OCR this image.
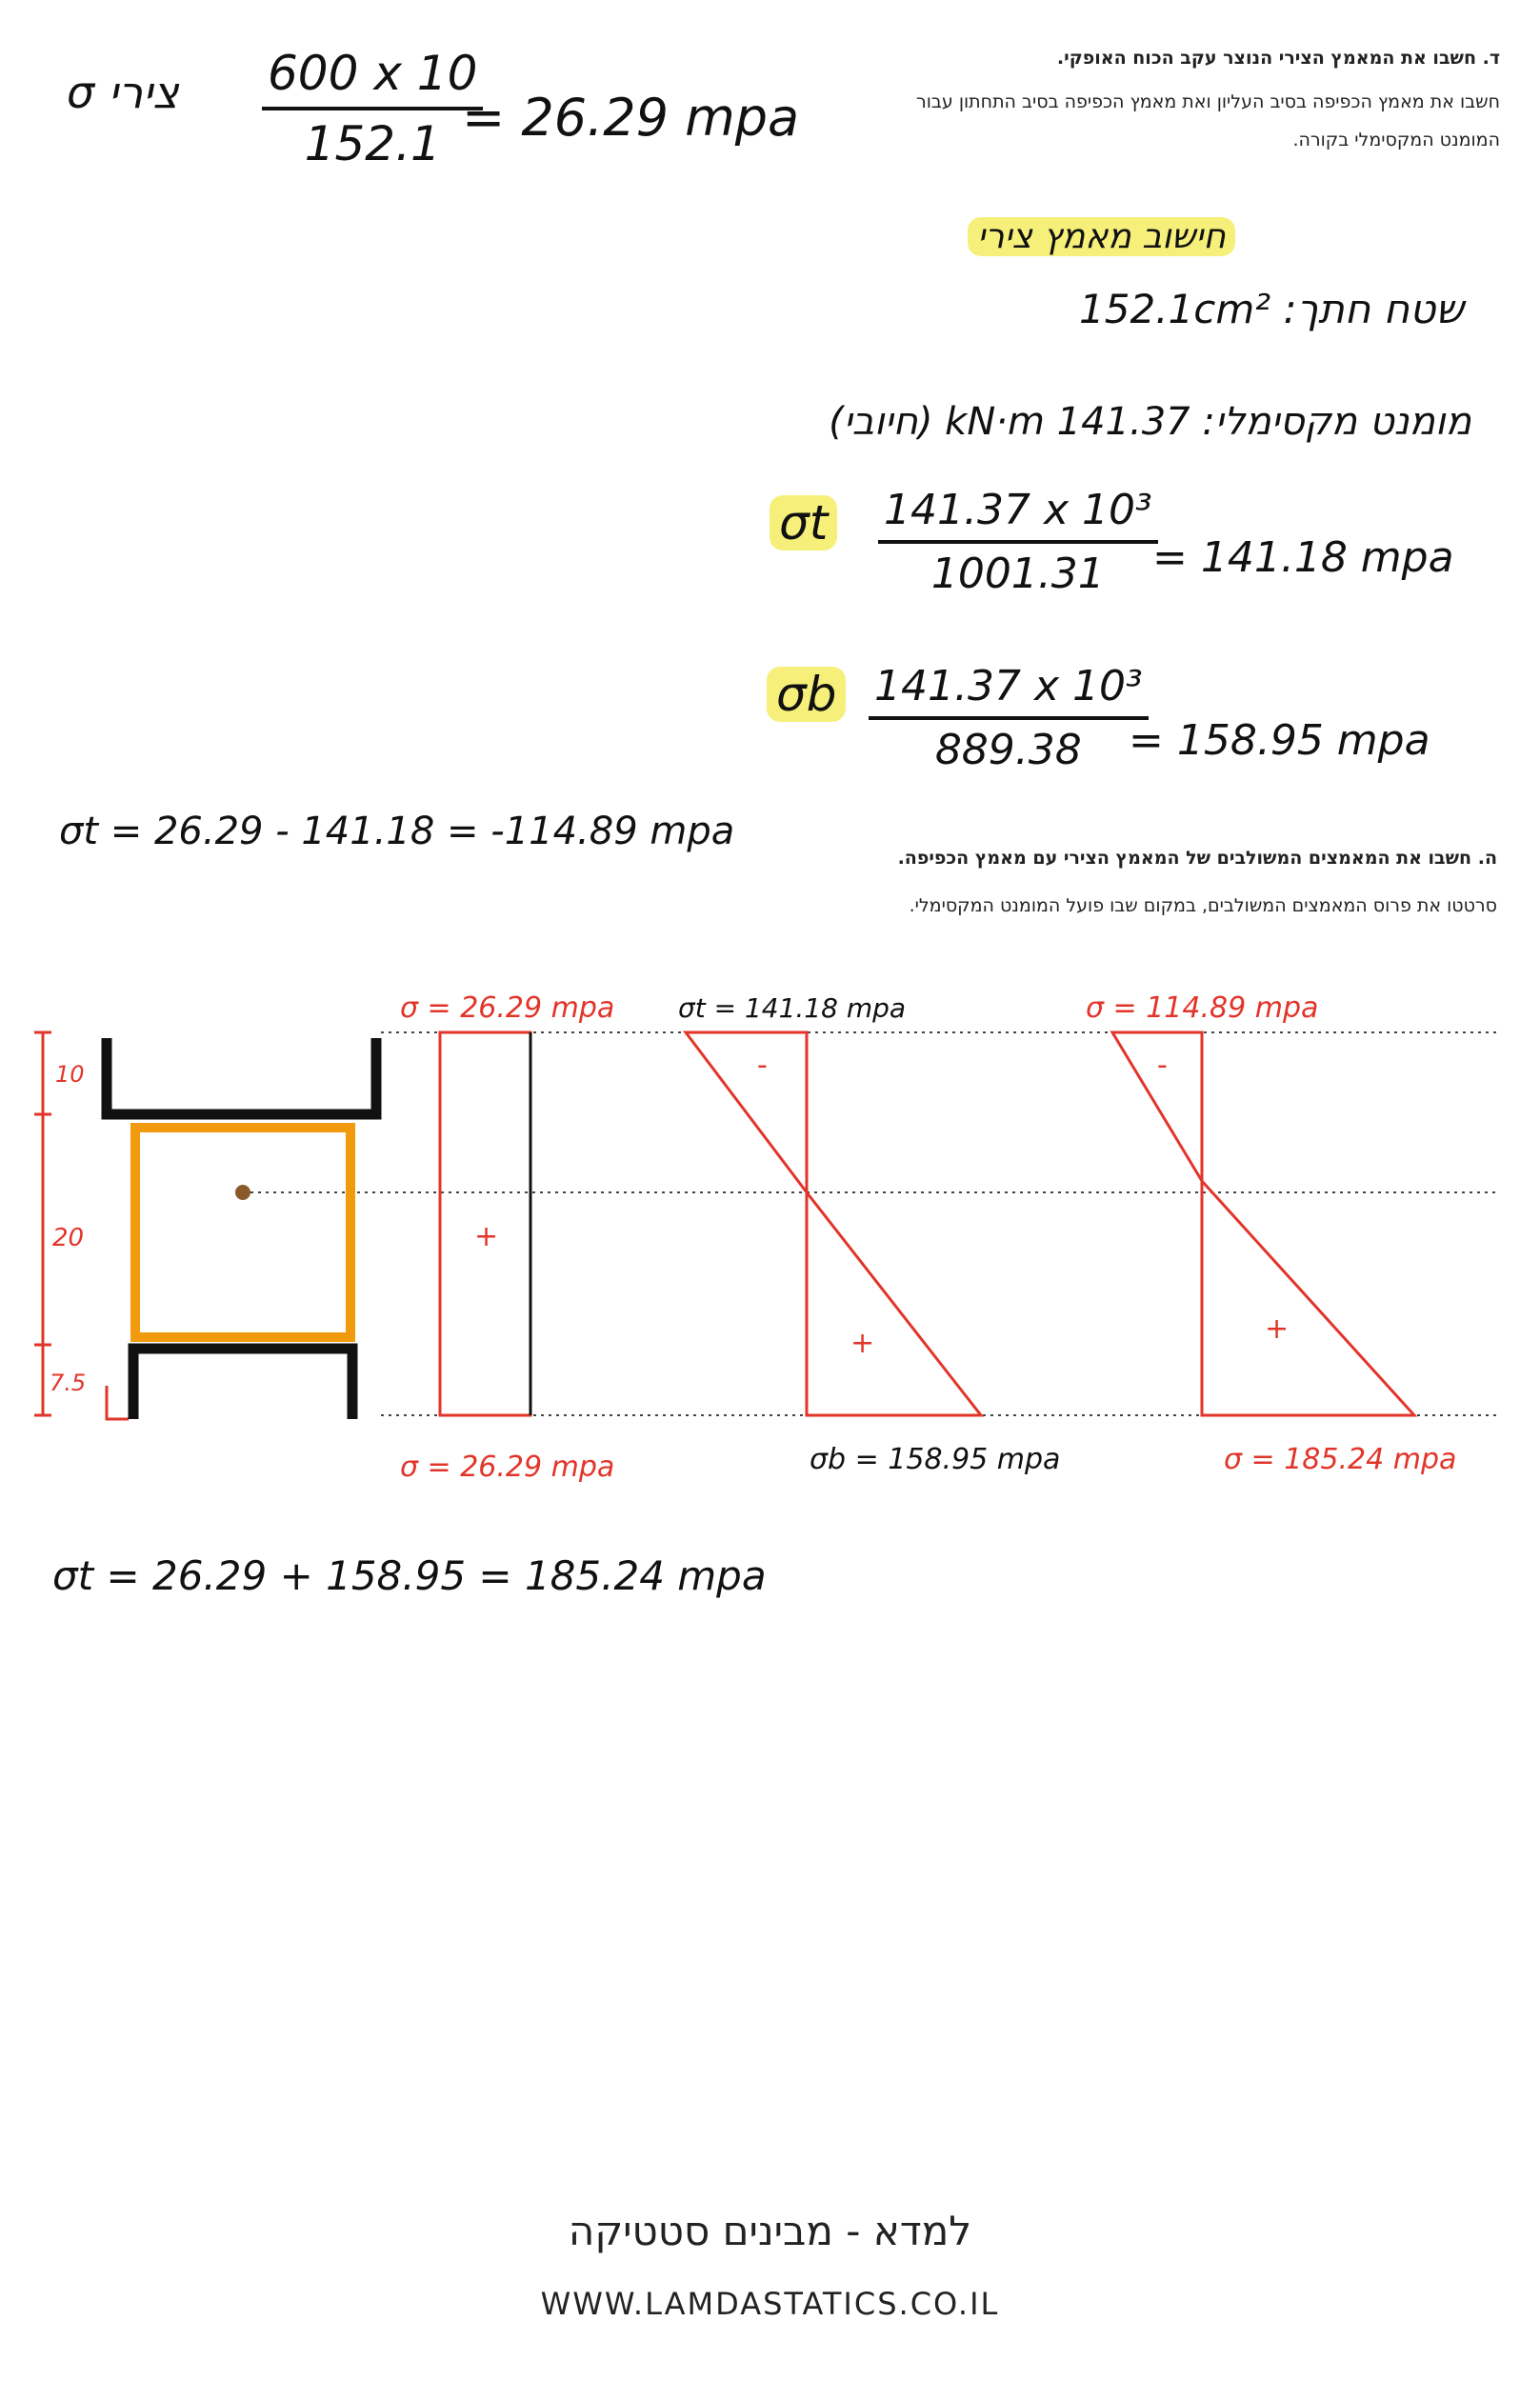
σ צירי $\frac{600 x 10}{152.1}$
= 26.29 mpa
ד. חשבו את המאמץ הצירי הנוצר עקב הכוח האופקי.
חשבו את מאמץ הכפיפה בסיב העליון ואת מאמץ הכפיפה בסיב התחתון עבור
המומנט המקסימלי בקורה.
חישוב מאמץ צירי
שטח חתך: 152.1cm²
מומנט מקסימלי: 141.37 kN·m (חיובי)
σt $\frac{\text{141.37 x 10³}}{1001.31}$
= 141.18 mpa
σb $\frac{\text{141.37 x 10³}}{889.38}$
= 158.95 mpa
σt = 26.29 - 141.18 = -114.89 mpa
ה. חשבו את המאמצים המשולבים של המאמץ הצירי עם מאמץ הכפיפה.
סרטטו את פרוס המאמצים המשולבים, במקום שבו פועל המומנט המקסימלי.
10
20
7.5
σ = 26.29 mpa
+
σ = 26.29 mpa
σt = 141.18 mpa
-
+
σb = 158.95 mpa
σ = 114.89 mpa
-
+
σ = 185.24 mpa
σt = 26.29 + 158.95 = 185.24 mpa
למדא - מבינים סטטיקה
WWW.LAMDASTATICS.CO.IL
